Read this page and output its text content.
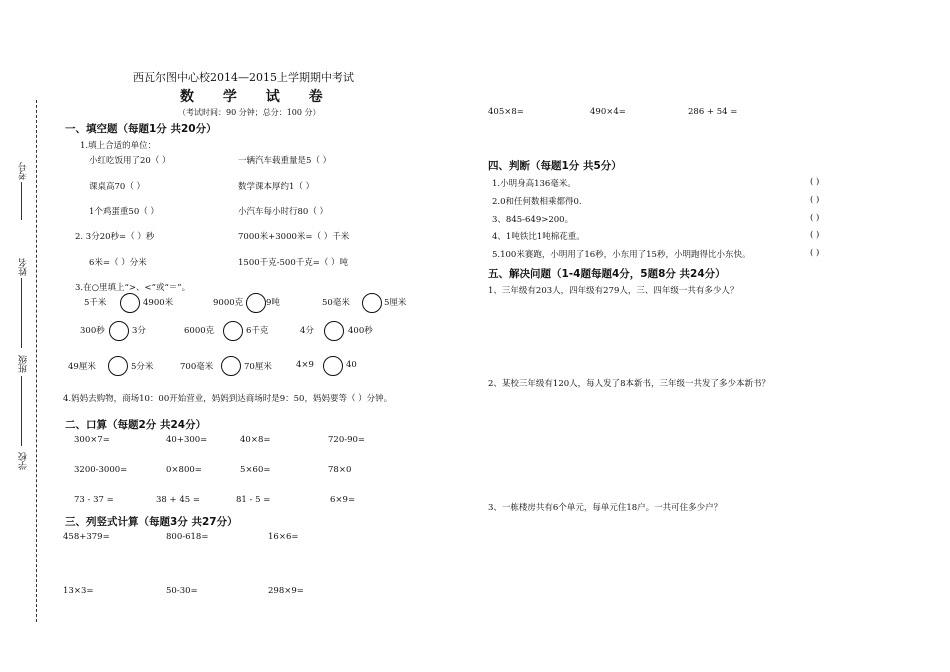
考号
姓名
班级
学校
西瓦尔图中心校2014—2015上学期期中考试
数 学 试 卷
（考试时间：90 分钟；总分：100 分）
一、填空题（每题1分 共20分）
1.填上合适的单位：
小红吃饭用了20（ ）	一辆汽车载重量是5（ ）
课桌高70（ ）	数学课本厚约1（ ）
1个鸡蛋重50（ ）	小汽车每小时行80（ ）
2. 3分20秒=（ ）秒	7000米+3000米=（ ）千米
6米=（ ）分米	1500千克-500千克=（ ）吨
3.在○里填上“>、<”或“＝”。
5千米	4900米	9000克	9吨	50毫米	5厘米
300秒	3分	6000克	6千克	4分	400秒
49厘米	5分米	700毫米	70厘米	4×9	40
4.妈妈去购物，商场10：00开始营业，妈妈到达商场时是9：50，妈妈要等（ ）分钟。
二、口算（每题2分 共24分）
300×7=	40+300=	40×8=	720-90=
3200-3000=	0×800=	5×60=	78×0
73 - 37 =	38 + 45 =	81 - 5 =	6×9=
三、列竖式计算（每题3分 共27分）
458+379=	800-618=	16×6=
13×3=	50-30=	298×9=
405×8=	490×4=	286 + 54 =
四、判断（每题1分 共5分）
1.小明身高136毫米。	( )
2.0和任何数相乘都得0.	( )
3、845-649>200。	( )
4、1吨铁比1吨棉花重。	( )
5.100米赛跑，小明用了16秒，小东用了15秒，小明跑得比小东快。	( )
五、解决问题（1-4题每题4分，5题8分 共24分）
1、三年级有203人，四年级有279人，三、四年级一共有多少人？
2、某校三年级有120人，每人发了8本新书，三年级一共发了多少本新书？
3、一栋楼房共有6个单元，每单元住18户。一共可住多少户？
